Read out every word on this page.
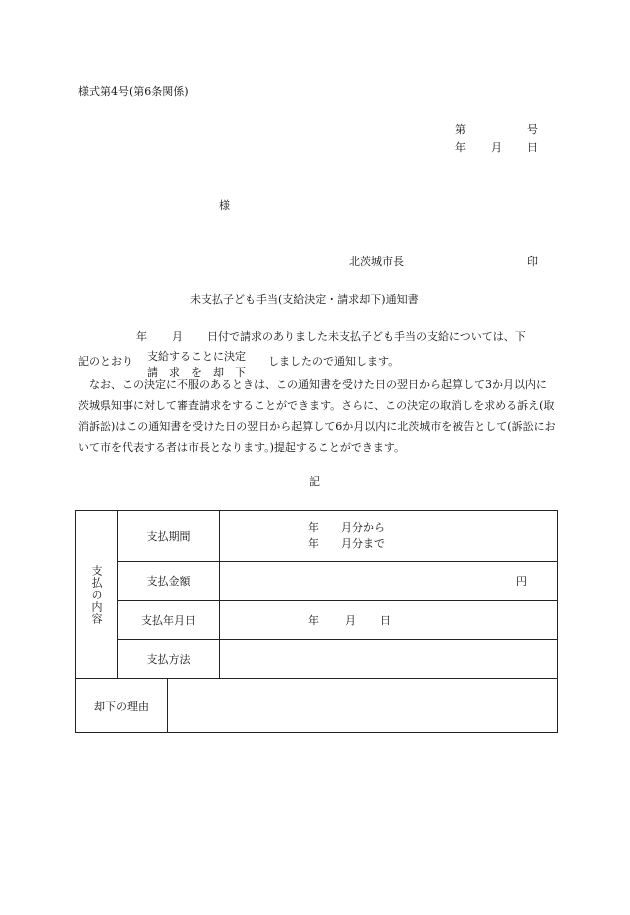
様式第4号(第6条関係)
第	号
年 月 日
様
北茨城市長	印
未支払子ども手当(支給決定・請求却下)通知書
年 月 日付で請求のありました未支払子ども手当の支給については、下
記のとおり 支給することに決定
請　求　を　却　下
しましたので通知します。
なお、この決定に不服のあるときは、この通知書を受けた日の翌日から起算して3か月以内に茨城県知事に対して審査請求をすることができます。さらに、この決定の取消しを求める訴え(取消訴訟)はこの通知書を受けた日の翌日から起算して6か月以内に北茨城市を被告として(訴訟において市を代表する者は市長となります。)提起することができます。
記
支払の内容	支払期間		年 月分から
年 月分まで

	支払金額		円
	支払年月日		年 月 日
	支払方法		
却下の理由			
